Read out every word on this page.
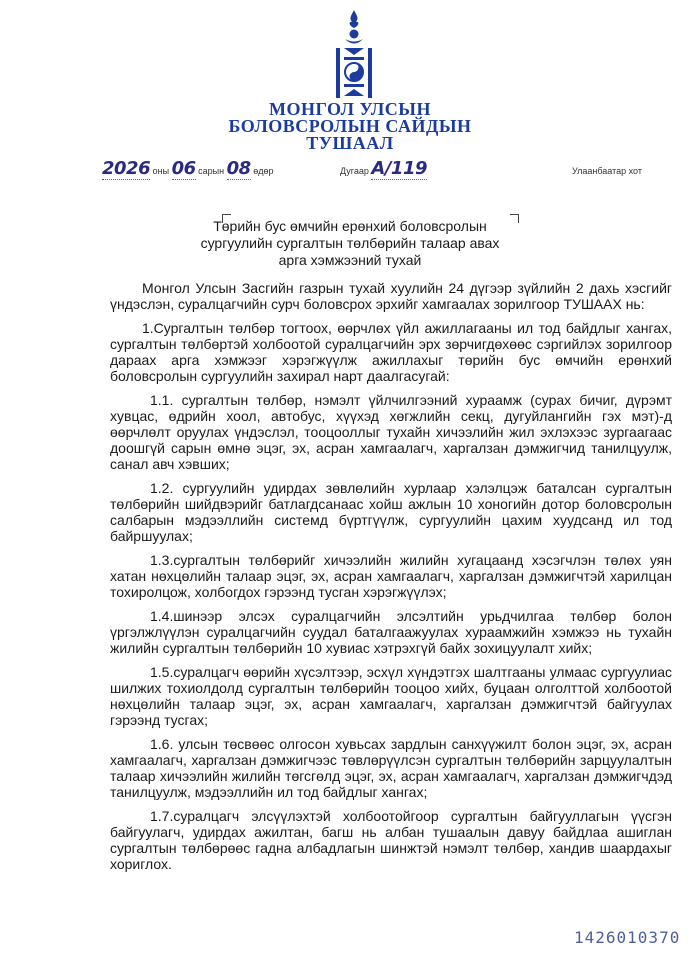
МОНГОЛ УЛСЫН
БОЛОВСРОЛЫН САЙДЫН
ТУШААЛ
2026 оны 06 сарын 08 өдөр	Дугаар А/119	Улаанбаатар хот
Төрийн бус өмчийн ерөнхий боловсролын
сургуулийн сургалтын төлбөрийн талаар авах
арга хэмжээний тухай

Монгол Улсын Засгийн газрын тухай хуулийн 24 дүгээр зүйлийн 2 дахь хэсгийг үндэслэн, суралцагчийн сурч боловсрох эрхийг хамгаалах зорилгоор ТУШААХ нь:

1.Сургалтын төлбөр тогтоох, өөрчлөх үйл ажиллагааны ил тод байдлыг хангах, сургалтын төлбөртэй холбоотой суралцагчийн эрх зөрчигдөхөөс сэргийлэх зорилгоор дараах арга хэмжээг хэрэгжүүлж ажиллахыг төрийн бус өмчийн ерөнхий боловсролын сургуулийн захирал нарт даалгасугай:

1.1. сургалтын төлбөр, нэмэлт үйлчилгээний хураамж (сурах бичиг, дүрэмт хувцас, өдрийн хоол, автобус, хүүхэд хөгжлийн секц, дугуйлангийн гэх мэт)-д өөрчлөлт оруулах үндэслэл, тооцооллыг тухайн хичээлийн жил эхлэхээс зургаагаас доошгүй сарын өмнө эцэг, эх, асран хамгаалагч, харгалзан дэмжигчид танилцуулж, санал авч хэвших;

1.2. сургуулийн удирдах зөвлөлийн хурлаар хэлэлцэж баталсан сургалтын төлбөрийн шийдвэрийг батлагдсанаас хойш ажлын 10 хоногийн дотор боловсролын салбарын мэдээллийн системд бүртгүүлж, сургуулийн цахим хуудсанд ил тод байршуулах;

1.3.сургалтын төлбөрийг хичээлийн жилийн хугацаанд хэсэгчлэн төлөх уян хатан нөхцөлийн талаар эцэг, эх, асран хамгаалагч, харгалзан дэмжигчтэй харилцан тохиролцож, холбогдох гэрээнд тусган хэрэгжүүлэх;

1.4.шинээр элсэх суралцагчийн элсэлтийн урьдчилгаа төлбөр болон үргэлжлүүлэн суралцагчийн суудал баталгаажуулах хураамжийн хэмжээ нь тухайн жилийн сургалтын төлбөрийн 10 хувиас хэтрэхгүй байх зохицуулалт хийх;

1.5.суралцагч өөрийн хүсэлтээр, эсхүл хүндэтгэх шалтгааны улмаас сургуулиас шилжих тохиолдолд сургалтын төлбөрийн тооцоо хийх, буцаан олголттой холбоотой нөхцөлийн талаар эцэг, эх, асран хамгаалагч, харгалзан дэмжигчтэй байгуулах гэрээнд тусгах;

1.6. улсын төсвөөс олгосон хувьсах зардлын санхүүжилт болон эцэг, эх, асран хамгаалагч, харгалзан дэмжигчээс төвлөрүүлсэн сургалтын төлбөрийн зарцуулалтын талаар хичээлийн жилийн төгсгөлд эцэг, эх, асран хамгаалагч, харгалзан дэмжигчдэд танилцуулж, мэдээллийн ил тод байдлыг хангах;

1.7.суралцагч элсүүлэхтэй холбоотойгоор сургалтын байгууллагын үүсгэн байгуулагч, удирдах ажилтан, багш нь албан тушаалын давуу байдлаа ашиглан сургалтын төлбөрөөс гадна албадлагын шинжтэй нэмэлт төлбөр, хандив шаардахыг хориглох.

1426010370
